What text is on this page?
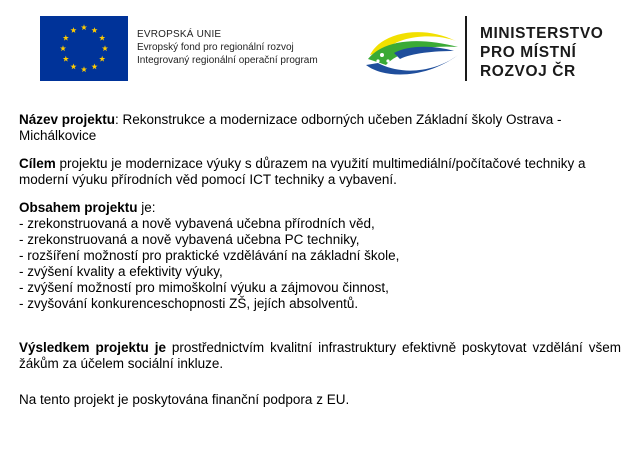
EVROPSKÁ UNIE
Evropský fond pro regionální rozvoj
Integrovaný regionální operační program
MINISTERSTVO
PRO MÍSTNÍ
ROZVOJ ČR

Název projektu: Rekonstrukce a modernizace odborných učeben Základní školy Ostrava - Michálkovice

Cílem projektu je modernizace výuky s důrazem na využití multimediální/počítačové techniky a moderní výuku přírodních věd pomocí ICT techniky a vybavení.

Obsahem projektu je:
- zrekonstruovaná a nově vybavená učebna přírodních věd,
- zrekonstruovaná a nově vybavená učebna PC techniky,
- rozšíření možností pro praktické vzdělávání na základní škole,
- zvýšení kvality a efektivity výuky,
- zvýšení možností pro mimoškolní výuku a zájmovou činnost,
- zvyšování konkurenceschopnosti ZŠ, jejích absolventů.

Výsledkem projektu je prostřednictvím kvalitní infrastruktury efektivně poskytovat vzdělání všem žákům za účelem sociální inkluze.

Na tento projekt je poskytována finanční podpora z EU.
